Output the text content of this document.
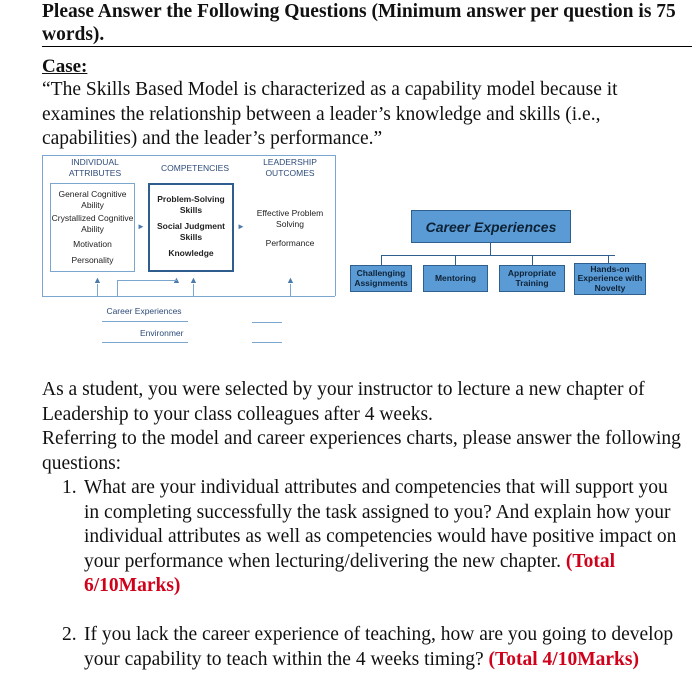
Please Answer the Following Questions (Minimum answer per question is 75 words).
Case:
“The Skills Based Model is characterized as a capability model because it examines the relationship between a leader’s knowledge and skills (i.e., capabilities) and the leader’s performance.”
INDIVIDUAL ATTRIBUTES	COMPETENCIES
LEADERSHIP OUTCOMES
General Cognitive Ability
Crystallized Cognitive Ability
Motivation
Personality
►
Problem-Solving Skills
Social Judgment Skills
Knowledge
►
Effective Problem Solving
Performance
▲	▲ ▲	▲
Career Experiences
Environmer
Career Experiences
Challenging Assignments	Mentoring	Appropriate Training
Hands-on Experience with Novelty
As a student, you were selected by your instructor to lecture a new chapter of Leadership to your class colleagues after 4 weeks.
Referring to the model and career experiences charts, please answer the following questions:
1. What are your individual attributes and competencies that will support you in completing successfully the task assigned to you? And explain how your individual attributes as well as competencies would have positive impact on your performance when lecturing/delivering the new chapter. (Total 6/10Marks)
2. If you lack the career experience of teaching, how are you going to develop your capability to teach within the 4 weeks timing? (Total 4/10Marks)
